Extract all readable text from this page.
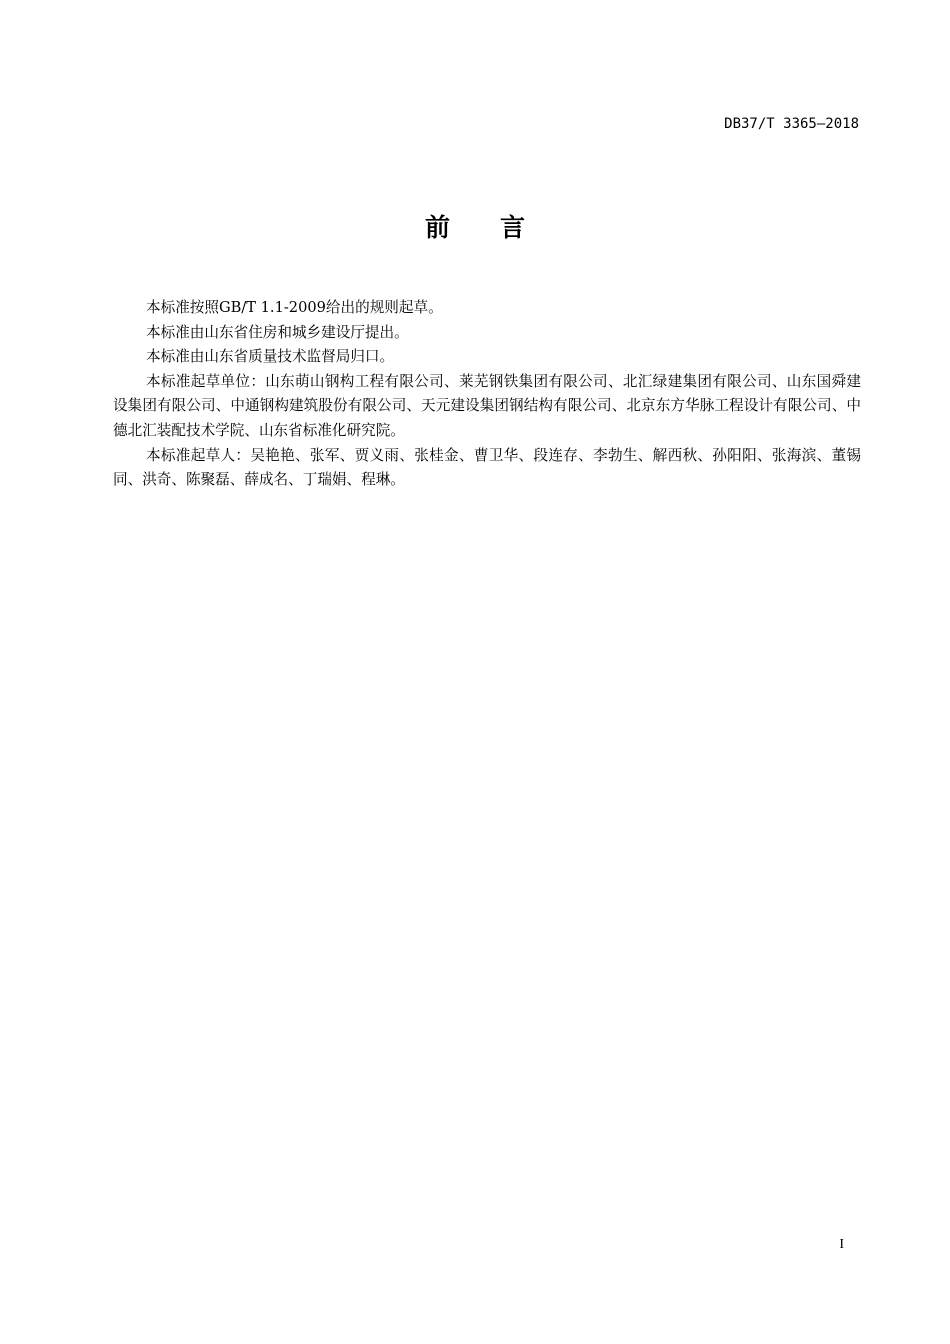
DB37/T 3365—2018
前 言

本标准按照GB/T 1.1-2009给出的规则起草。

本标准由山东省住房和城乡建设厅提出。

本标准由山东省质量技术监督局归口。

本标准起草单位：山东萌山钢构工程有限公司、莱芜钢铁集团有限公司、北汇绿建集团有限公司、山东国舜建设集团有限公司、中通钢构建筑股份有限公司、天元建设集团钢结构有限公司、北京东方华脉工程设计有限公司、中德北汇装配技术学院、山东省标准化研究院。

本标准起草人：吴艳艳、张军、贾义雨、张桂金、曹卫华、段连存、李勃生、解西秋、孙阳阳、张海滨、董锡同、洪奇、陈聚磊、薛成名、丁瑞娟、程琳。

I
